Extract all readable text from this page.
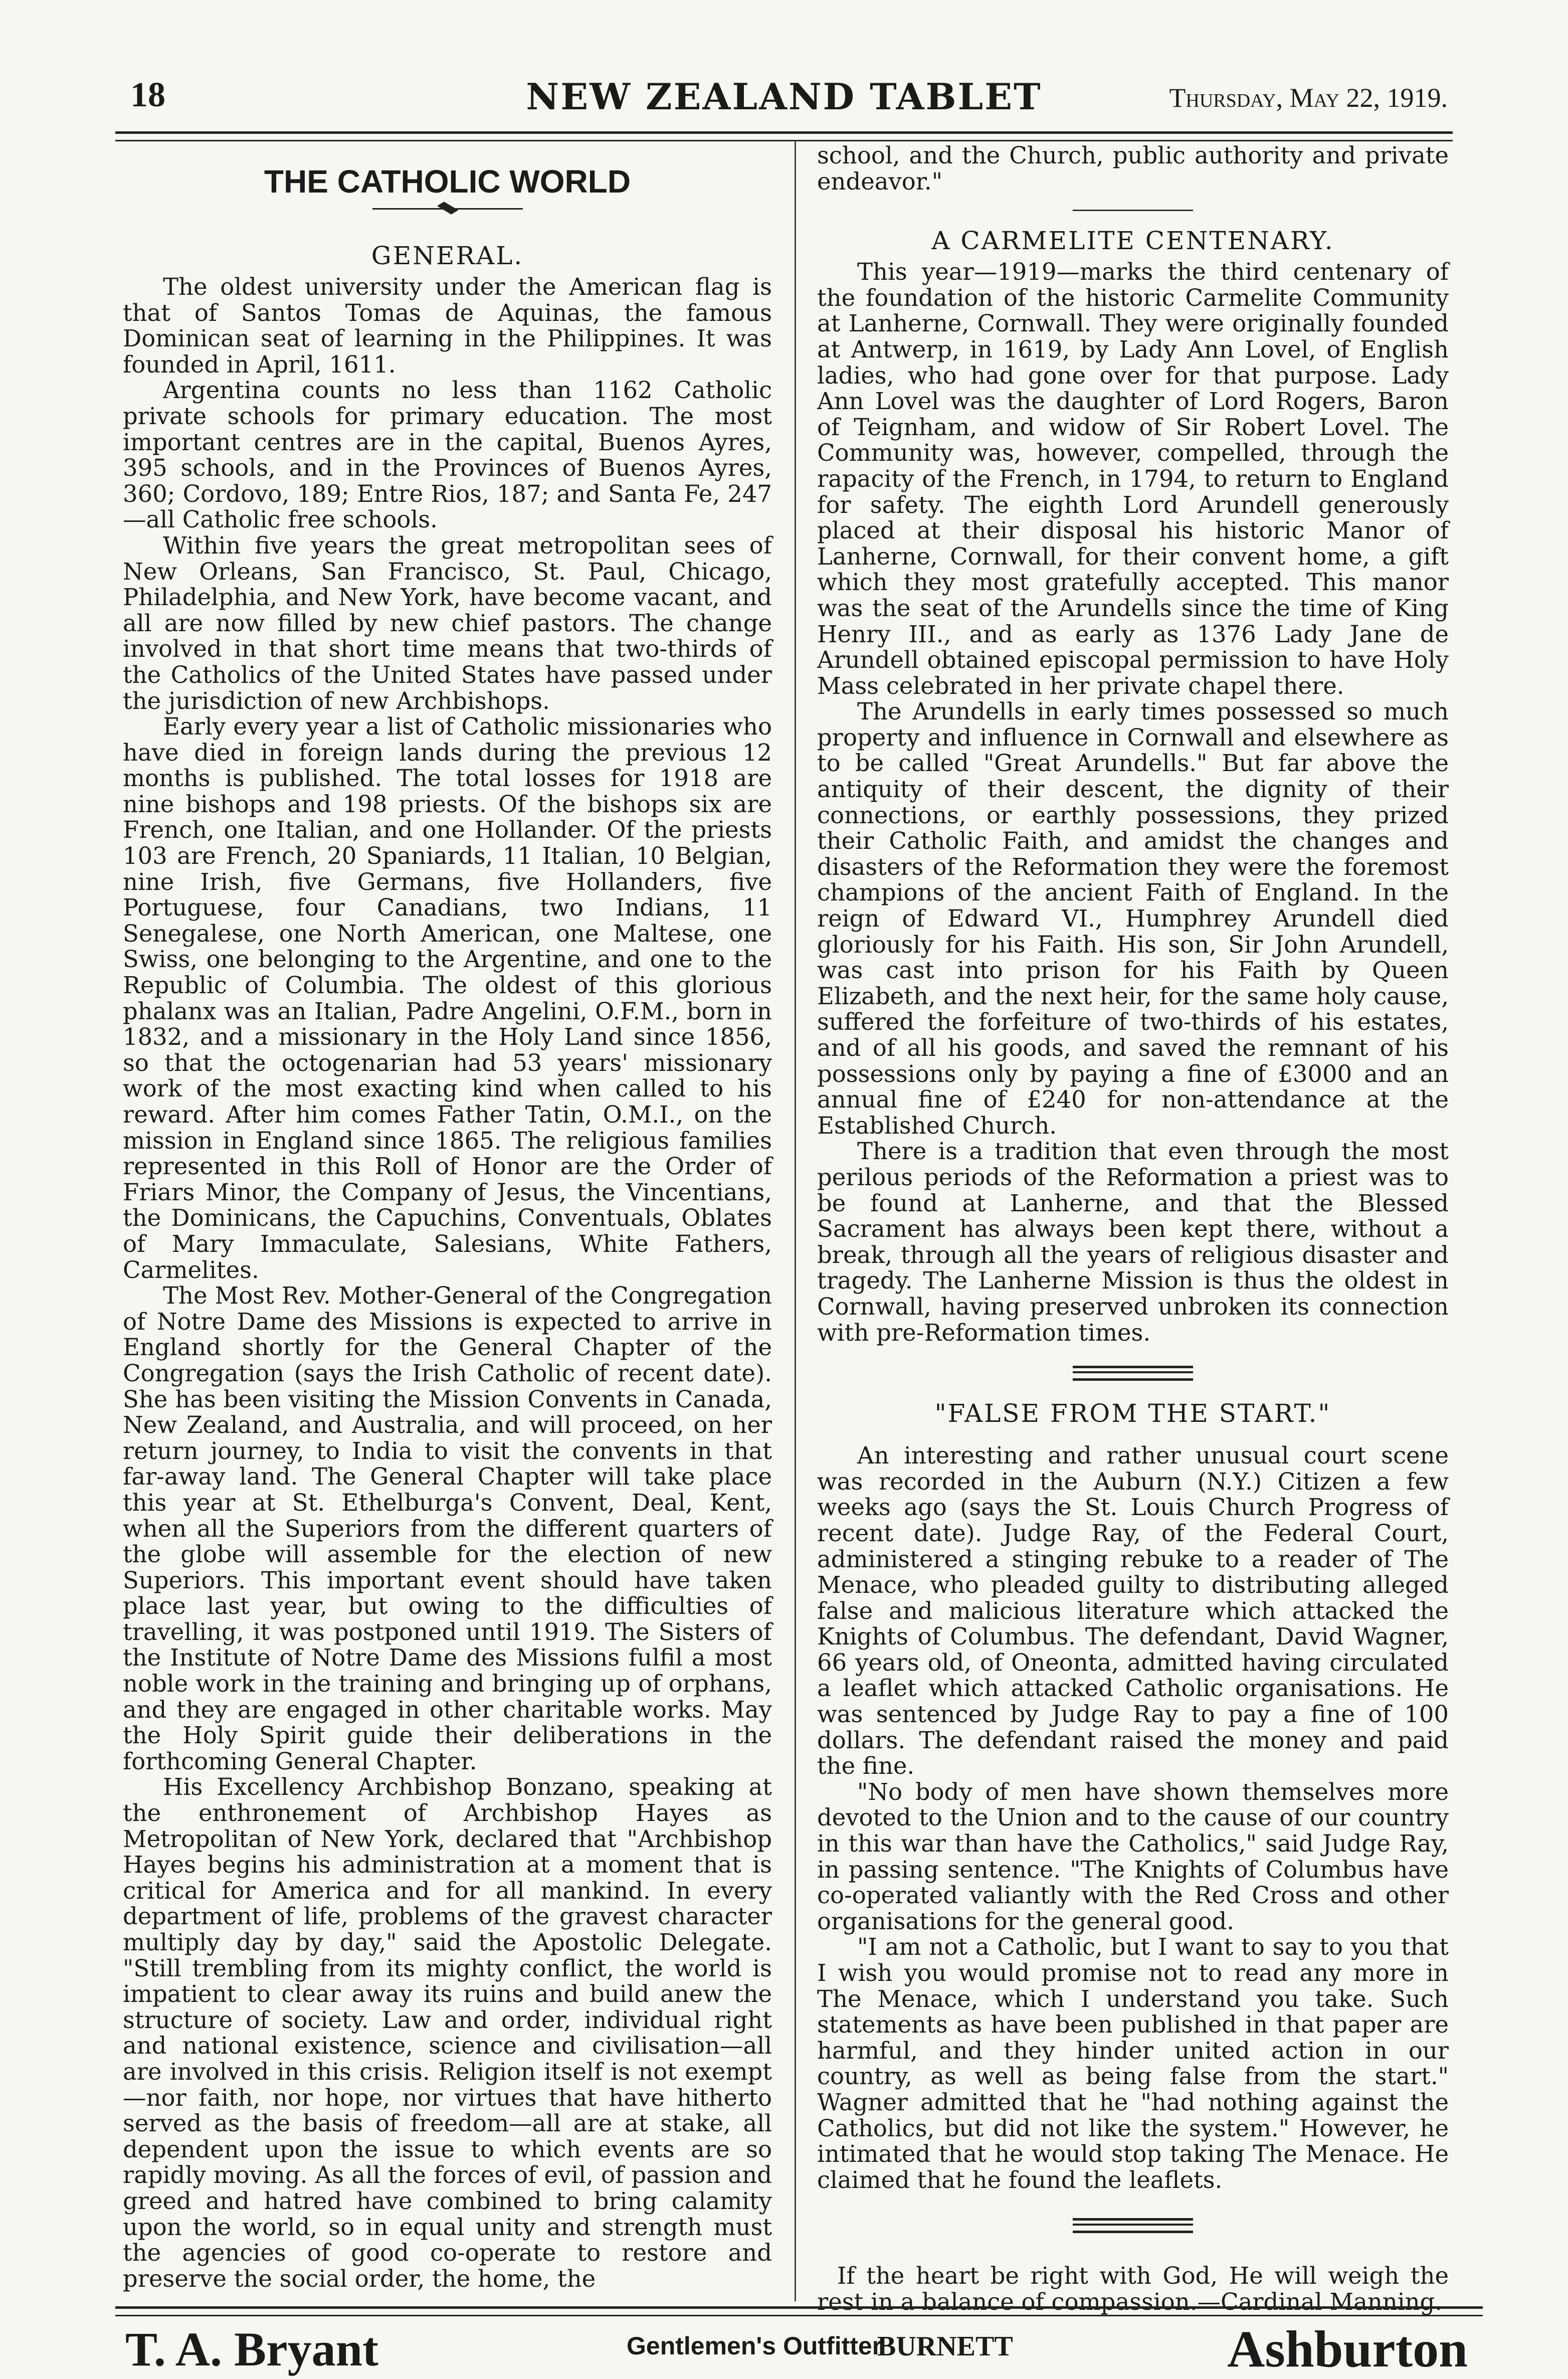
18	NEW ZEALAND TABLET	Thursday, May 22, 1919.
THE CATHOLIC WORLD
GENERAL.

The oldest university under the American flag is that of Santos Tomas de Aquinas, the famous Dominican seat of learning in the Philippines. It was founded in April, 1611.

Argentina counts no less than 1162 Catholic private schools for primary education. The most important centres are in the capital, Buenos Ayres, 395 schools, and in the Provinces of Buenos Ayres, 360; Cordovo, 189; Entre Rios, 187; and Santa Fe, 247—all Catholic free schools.

Within five years the great metropolitan sees of New Orleans, San Francisco, St. Paul, Chicago, Philadelphia, and New York, have become vacant, and all are now filled by new chief pastors. The change involved in that short time means that two-thirds of the Catholics of the United States have passed under the jurisdiction of new Archbishops.

Early every year a list of Catholic missionaries who have died in foreign lands during the previous 12 months is published. The total losses for 1918 are nine bishops and 198 priests. Of the bishops six are French, one Italian, and one Hollander. Of the priests 103 are French, 20 Spaniards, 11 Italian, 10 Belgian, nine Irish, five Germans, five Hollanders, five Portuguese, four Canadians, two Indians, 11 Senegalese, one North American, one Maltese, one Swiss, one belonging to the Argentine, and one to the Republic of Columbia. The oldest of this glorious phalanx was an Italian, Padre Angelini, O.F.M., born in 1832, and a missionary in the Holy Land since 1856, so that the octogenarian had 53 years' missionary work of the most exacting kind when called to his reward. After him comes Father Tatin, O.M.I., on the mission in England since 1865. The religious families represented in this Roll of Honor are the Order of Friars Minor, the Company of Jesus, the Vincentians, the Dominicans, the Capuchins, Conventuals, Oblates of Mary Immaculate, Salesians, White Fathers, Carmelites.

The Most Rev. Mother-General of the Congregation of Notre Dame des Missions is expected to arrive in England shortly for the General Chapter of the Congregation (says the Irish Catholic of recent date). She has been visiting the Mission Convents in Canada, New Zealand, and Australia, and will proceed, on her return journey, to India to visit the convents in that far-away land. The General Chapter will take place this year at St. Ethelburga's Convent, Deal, Kent, when all the Superiors from the different quarters of the globe will assemble for the election of new Superiors. This important event should have taken place last year, but owing to the difficulties of travelling, it was postponed until 1919. The Sisters of the Institute of Notre Dame des Missions fulfil a most noble work in the training and bringing up of orphans, and they are engaged in other charitable works. May the Holy Spirit guide their deliberations in the forthcoming General Chapter.

His Excellency Archbishop Bonzano, speaking at the enthronement of Archbishop Hayes as Metropolitan of New York, declared that "Archbishop Hayes begins his administration at a moment that is critical for America and for all mankind. In every department of life, problems of the gravest character multiply day by day," said the Apostolic Delegate. "Still trembling from its mighty conflict, the world is impatient to clear away its ruins and build anew the structure of society. Law and order, individual right and national existence, science and civilisation—all are involved in this crisis. Religion itself is not exempt—nor faith, nor hope, nor virtues that have hitherto served as the basis of freedom—all are at stake, all dependent upon the issue to which events are so rapidly moving. As all the forces of evil, of passion and greed and hatred have combined to bring calamity upon the world, so in equal unity and strength must the agencies of good co-operate to restore and preserve the social order, the home, the

school, and the Church, public authority and private endeavor."

A CARMELITE CENTENARY.

This year—1919—marks the third centenary of the foundation of the historic Carmelite Community at Lanherne, Cornwall. They were originally founded at Antwerp, in 1619, by Lady Ann Lovel, of English ladies, who had gone over for that purpose. Lady Ann Lovel was the daughter of Lord Rogers, Baron of Teignham, and widow of Sir Robert Lovel. The Community was, however, compelled, through the rapacity of the French, in 1794, to return to England for safety. The eighth Lord Arundell generously placed at their disposal his historic Manor of Lanherne, Cornwall, for their convent home, a gift which they most gratefully accepted. This manor was the seat of the Arundells since the time of King Henry III., and as early as 1376 Lady Jane de Arundell obtained episcopal permission to have Holy Mass celebrated in her private chapel there.

The Arundells in early times possessed so much property and influence in Cornwall and elsewhere as to be called "Great Arundells." But far above the antiquity of their descent, the dignity of their connections, or earthly possessions, they prized their Catholic Faith, and amidst the changes and disasters of the Reformation they were the foremost champions of the ancient Faith of England. In the reign of Edward VI., Humphrey Arundell died gloriously for his Faith. His son, Sir John Arundell, was cast into prison for his Faith by Queen Elizabeth, and the next heir, for the same holy cause, suffered the forfeiture of two-thirds of his estates, and of all his goods, and saved the remnant of his possessions only by paying a fine of £3000 and an annual fine of £240 for non-attendance at the Established Church.

There is a tradition that even through the most perilous periods of the Reformation a priest was to be found at Lanherne, and that the Blessed Sacrament has always been kept there, without a break, through all the years of religious disaster and tragedy. The Lanherne Mission is thus the oldest in Cornwall, having preserved unbroken its connection with pre-Reformation times.

"FALSE FROM THE START."

An interesting and rather unusual court scene was recorded in the Auburn (N.Y.) Citizen a few weeks ago (says the St. Louis Church Progress of recent date). Judge Ray, of the Federal Court, administered a stinging rebuke to a reader of The Menace, who pleaded guilty to distributing alleged false and malicious literature which attacked the Knights of Columbus. The defendant, David Wagner, 66 years old, of Oneonta, admitted having circulated a leaflet which attacked Catholic organisations. He was sentenced by Judge Ray to pay a fine of 100 dollars. The defendant raised the money and paid the fine.

"No body of men have shown themselves more devoted to the Union and to the cause of our country in this war than have the Catholics," said Judge Ray, in passing sentence. "The Knights of Columbus have co-operated valiantly with the Red Cross and other organisations for the general good.

"I am not a Catholic, but I want to say to you that I wish you would promise not to read any more in The Menace, which I understand you take. Such statements as have been published in that paper are harmful, and they hinder united action in our country, as well as being false from the start." Wagner admitted that he "had nothing against the Catholics, but did not like the system." However, he intimated that he would stop taking The Menace. He claimed that he found the leaflets.

If the heart be right with God, He will weigh the rest in a balance of compassion.—Cardinal Manning.

T. A. Bryant	Gentlemen's Outfitter
BURNETT	Ashburton
